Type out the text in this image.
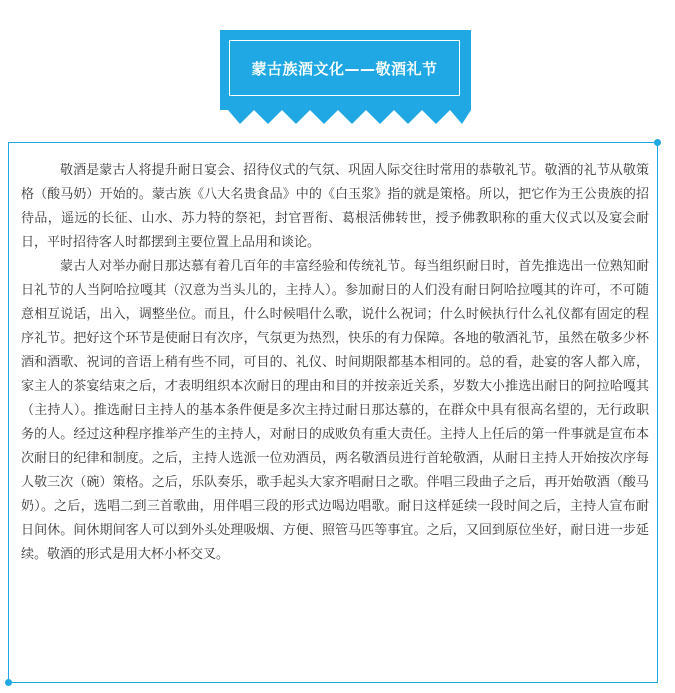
蒙古族酒文化——敬酒礼节

敬酒是蒙古人将提升耐日宴会、招待仪式的气氛、巩固人际交往时常用的恭敬礼节。敬酒的礼节从敬策格（酸马奶）开始的。蒙古族《八大名贵食品》中的《白玉浆》指的就是策格。所以，把它作为王公贵族的招待品，遥远的长征、山水、苏力特的祭祀，封官晋衔、葛根活佛转世，授予佛教职称的重大仪式以及宴会耐日，平时招待客人时都摆到主要位置上品用和谈论。

蒙古人对举办耐日那达慕有着几百年的丰富经验和传统礼节。每当组织耐日时，首先推选出一位熟知耐日礼节的人当阿哈拉嘎其（汉意为当头儿的，主持人）。参加耐日的人们没有耐日阿哈拉嘎其的许可，不可随意相互说话，出入，调整坐位。而且，什么时候唱什么歌，说什么祝词；什么时候执行什么礼仪都有固定的程序礼节。把好这个环节是使耐日有次序，气氛更为热烈，快乐的有力保障。各地的敬酒礼节，虽然在敬多少杯酒和酒歌、祝词的音语上稍有些不同，可目的、礼仪、时间期限都基本相同的。总的看，赴宴的客人都入席，家主人的茶宴结束之后，才表明组织本次耐日的理由和目的并按亲近关系，岁数大小推选出耐日的阿拉哈嘎其（主持人）。推选耐日主持人的基本条件便是多次主持过耐日那达慕的，在群众中具有很高名望的，无行政职务的人。经过这种程序推举产生的主持人，对耐日的成败负有重大责任。主持人上任后的第一件事就是宣布本次耐日的纪律和制度。之后，主持人选派一位劝酒员，两名敬酒员进行首轮敬酒，从耐日主持人开始按次序每人敬三次（碗）策格。之后，乐队奏乐，歌手起头大家齐唱耐日之歌。伴唱三段曲子之后，再开始敬酒（酸马奶）。之后，选唱二到三首歌曲，用伴唱三段的形式边喝边唱歌。耐日这样延续一段时间之后，主持人宣布耐日间休。间休期间客人可以到外头处理吸烟、方便、照管马匹等事宜。之后，又回到原位坐好，耐日进一步延续。敬酒的形式是用大杯小杯交叉。
